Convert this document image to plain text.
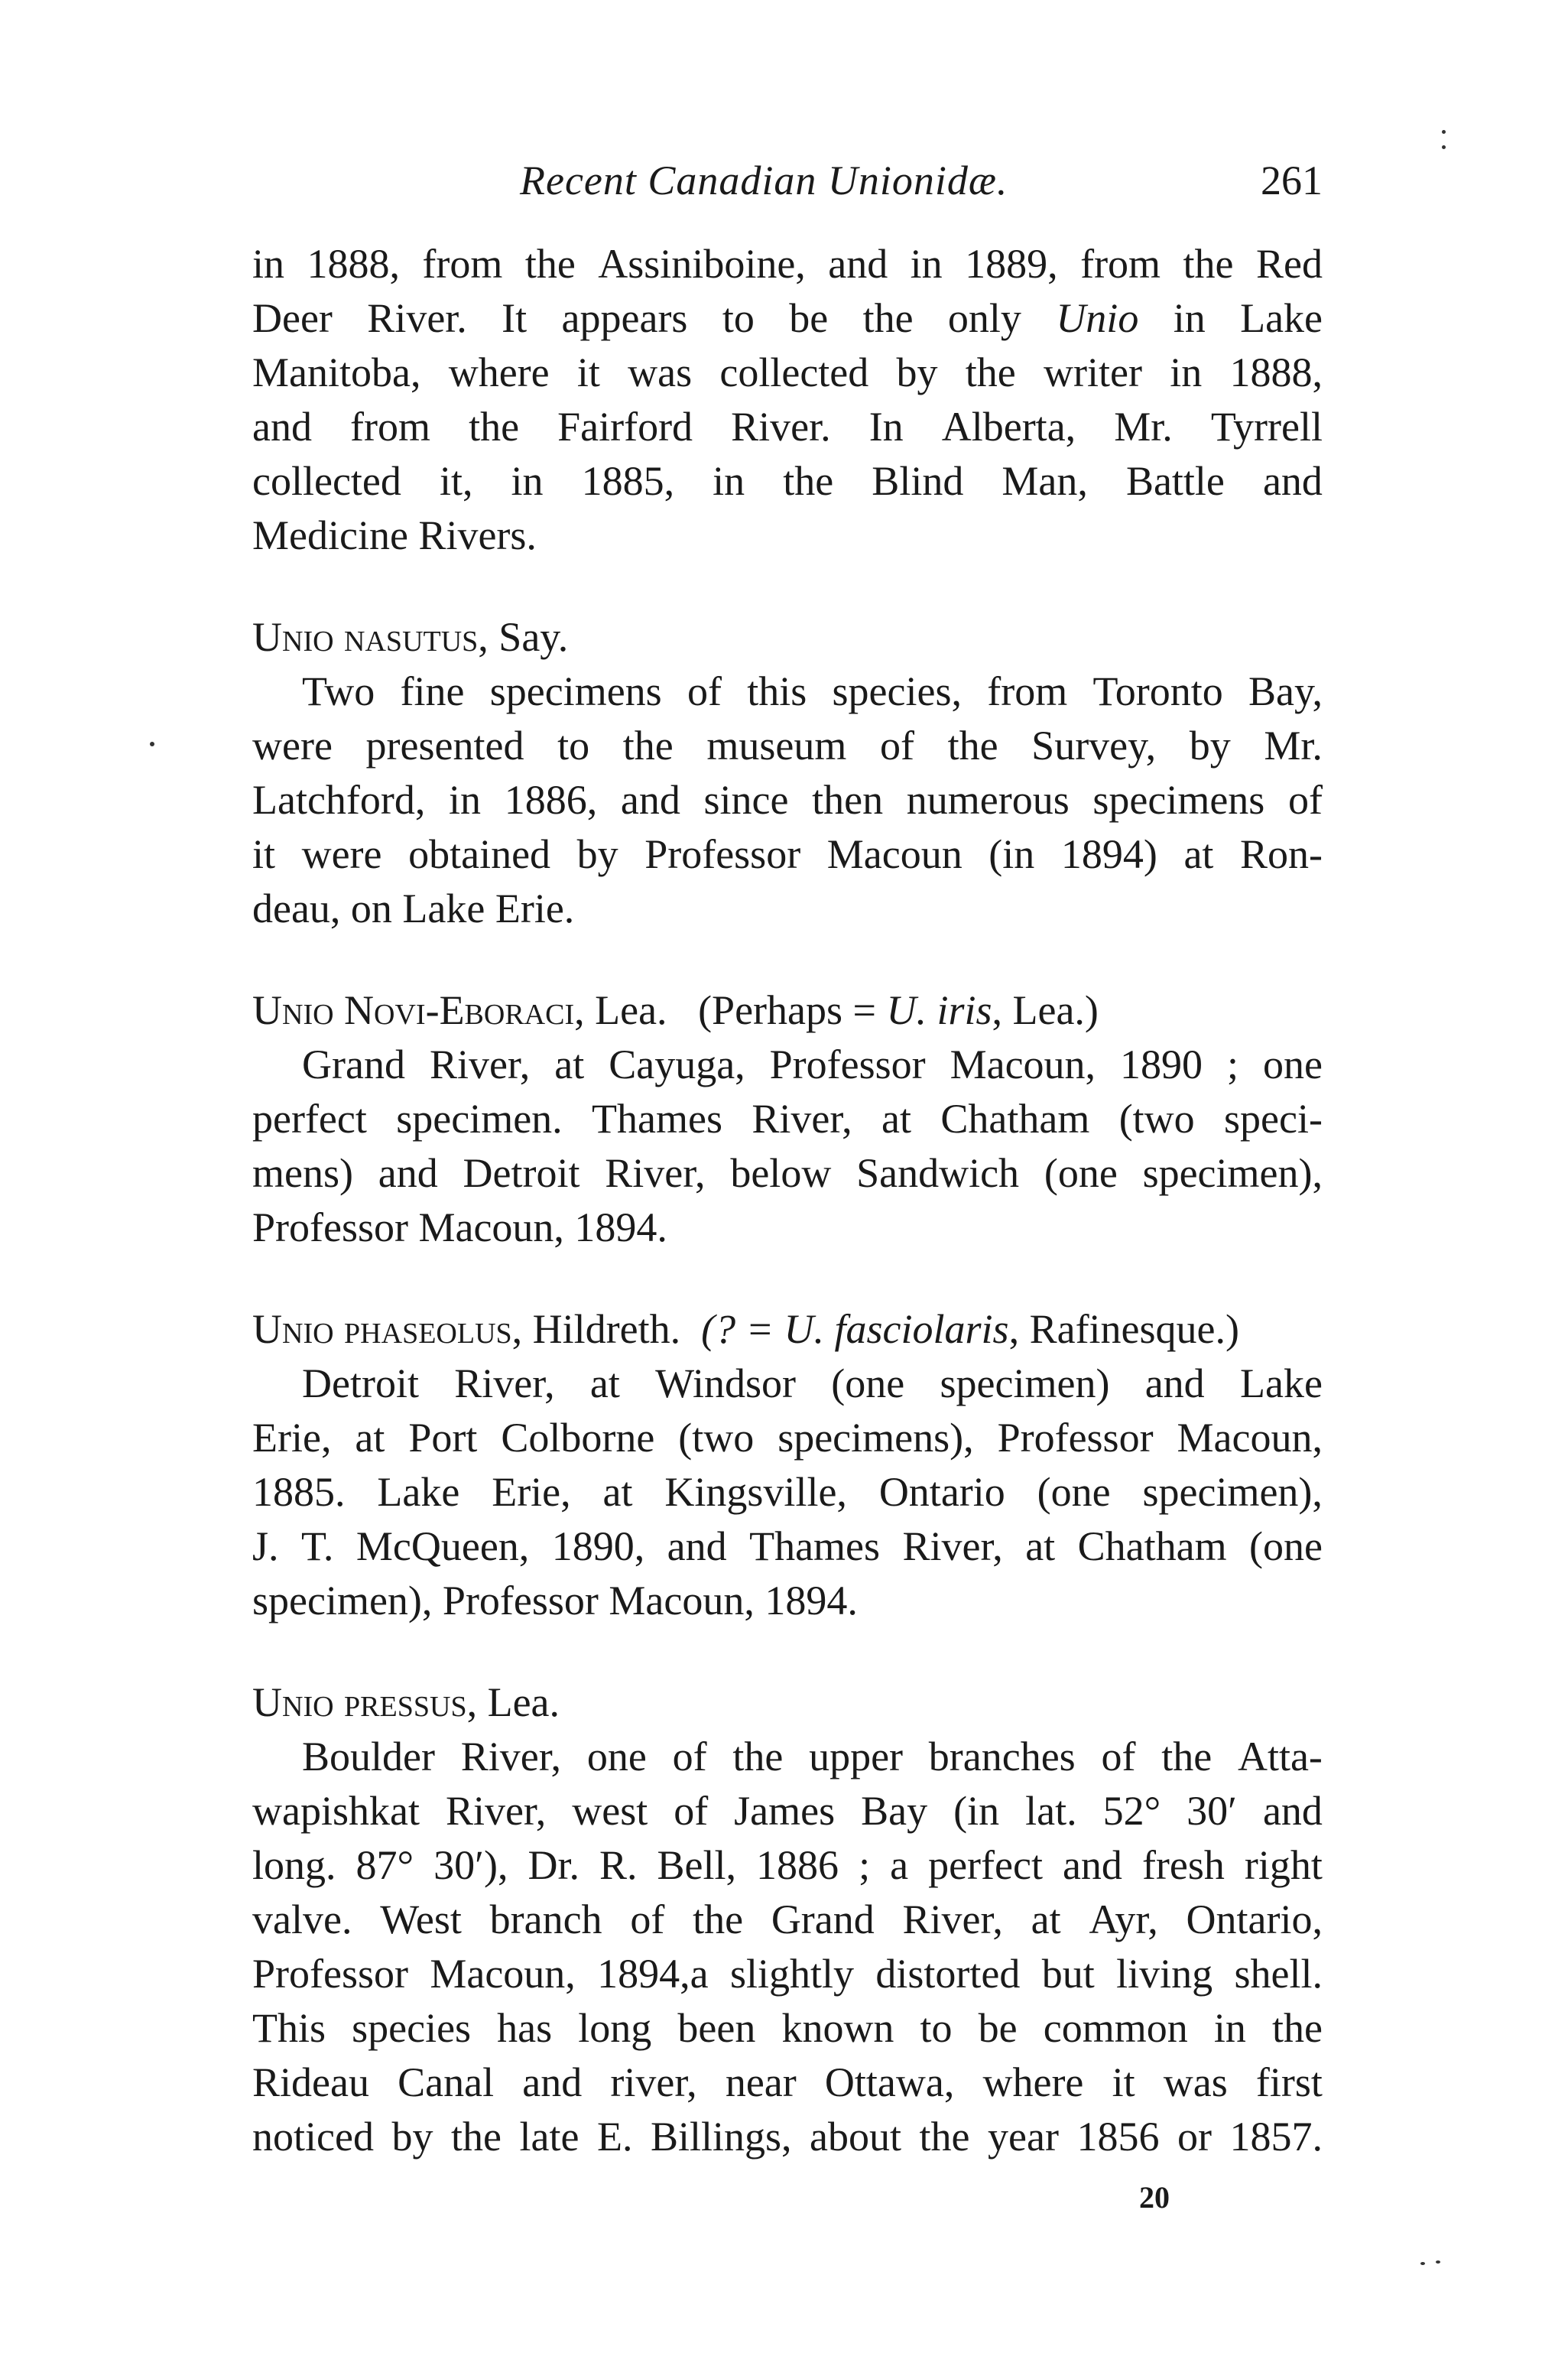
Recent Canadian Unionidæ.	261
in 1888, from the Assiniboine, and in 1889, from the Red
Deer River. It appears to be the only Unio in Lake
Manitoba, where it was collected by the writer in 1888,
and from the Fairford River. In Alberta, Mr. Tyrrell
collected it, in 1885, in the Blind Man, Battle and
Medicine Rivers.
Unio nasutus, Say.
Two fine specimens of this species, from Toronto Bay,
were presented to the museum of the Survey, by Mr.
Latchford, in 1886, and since then numerous specimens of
it were obtained by Professor Macoun (in 1894) at Ron-
deau, on Lake Erie.
Unio Novi-Eboraci, Lea. (Perhaps = U. iris, Lea.)
Grand River, at Cayuga, Professor Macoun, 1890 ; one
perfect specimen. Thames River, at Chatham (two speci-
mens) and Detroit River, below Sandwich (one specimen),
Professor Macoun, 1894.
Unio phaseolus, Hildreth. (? = U. fasciolaris, Rafinesque.)
Detroit River, at Windsor (one specimen) and Lake
Erie, at Port Colborne (two specimens), Professor Macoun,
1885. Lake Erie, at Kingsville, Ontario (one specimen),
J. T. McQueen, 1890, and Thames River, at Chatham (one
specimen), Professor Macoun, 1894.
Unio pressus, Lea.
Boulder River, one of the upper branches of the Atta-
wapishkat River, west of James Bay (in lat. 52° 30′ and
long. 87° 30′), Dr. R. Bell, 1886 ; a perfect and fresh right
valve. West branch of the Grand River, at Ayr, Ontario,
Professor Macoun, 1894,a slightly distorted but living shell.
This species has long been known to be common in the
Rideau Canal and river, near Ottawa, where it was first
noticed by the late E. Billings, about the year 1856 or 1857.
20
